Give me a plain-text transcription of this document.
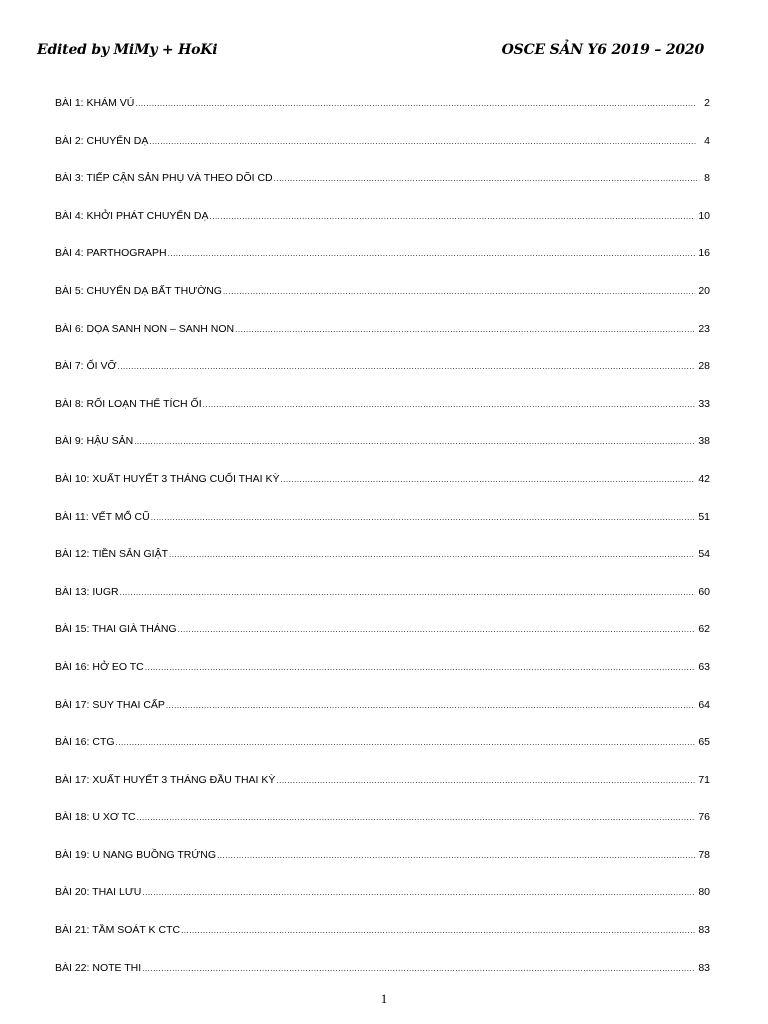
Edited by MiMy + HoKi	OSCE SẢN Y6 2019 – 2020
BÀI 1: KHÁM VÚ .....	2
BÀI 2: CHUYỂN DẠ .....	4
BÀI 3: TIẾP CẬN SẢN PHỤ VÀ THEO DÕI CD .....	8
BÀI 4: KHỞI PHÁT CHUYỂN DẠ .....	10
BÀI 4: PARTHOGRAPH .....	16
BÀI 5: CHUYỂN DẠ BẤT THƯỜNG .....	20
BÀI 6: DỌA SANH NON – SANH NON .....	23
BÀI 7: ỐI VỠ .....	28
BÀI 8: RỐI LOẠN THỂ TÍCH ỐI .....	33
BÀI 9: HẬU SẢN .....	38
BÀI 10: XUẤT HUYẾT 3 THÁNG CUỐI THAI KỲ .....	42
BÀI 11: VẾT MỔ CŨ .....	51
BÀI 12: TIỀN SẢN GIẬT .....	54
BÀI 13: IUGR .....	60
BÀI 15: THAI GIÀ THÁNG .....	62
BÀI 16: HỞ EO TC .....	63
BÀI 17: SUY THAI CẤP .....	64
BÀI 16: CTG .....	65
BÀI 17: XUẤT HUYẾT 3 THÁNG ĐẦU THAI KỲ .....	71
BÀI 18: U XƠ TC .....	76
BÀI 19: U NANG BUỒNG TRỨNG .....	78
BÀI 20: THAI LƯU .....	80
BÀI 21: TẦM SOÁT K CTC .....	83
BÀI 22: NOTE THI .....	83
1
